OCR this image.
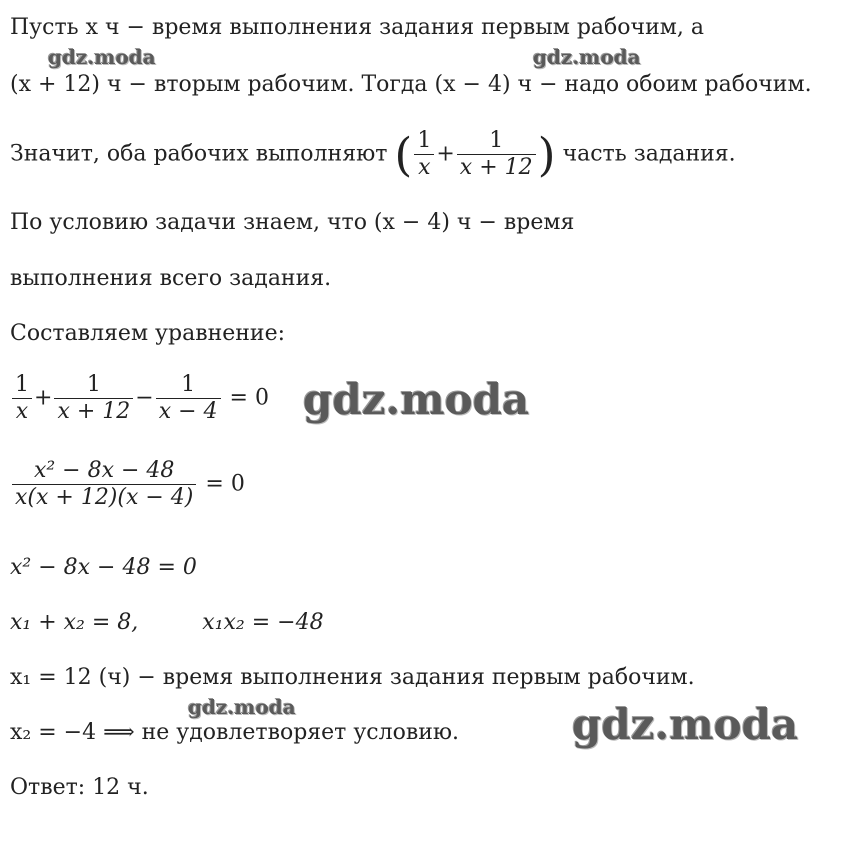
Пусть x ч − время выполнения задания первым рабочим, а
(x + 12) ч − вторым рабочим. Тогда (x − 4) ч − надо обоим рабочим.
Значит, оба рабочих выполняют ( $\frac{1}{x} + \frac{1}{x + 12}$ ) часть задания.
По условию задачи знаем, что (x − 4) ч − время
выполнения всего задания.
Составляем уравнение:
$\frac{1}{x} + \frac{1}{x + 12} - \frac{1}{x - 4} = 0$
$\frac{\text{x² − 8x − 48}}{x(x + 12)(x - 4)} = 0$
x² − 8x − 48 = 0
x₁ + x₂ = 8,	x₁x₂ = −48
x₁ = 12 (ч) − время выполнения задания первым рабочим.
x₂ = −4 ⟹ не удовлетворяет условию.
Ответ: 12 ч.
gdz.moda	gdz.moda
gdz.moda
gdz.moda	gdz.moda
